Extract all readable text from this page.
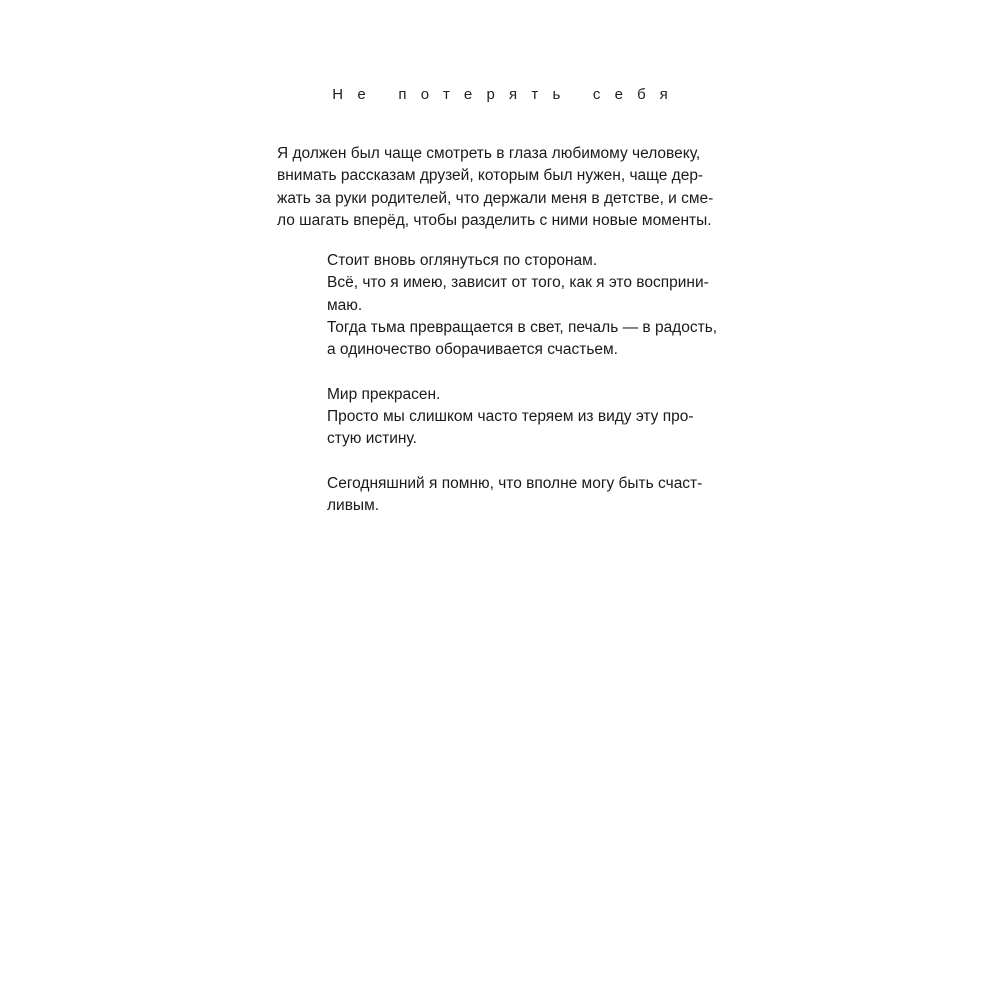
Не потерять себя
Я должен был чаще смотреть в глаза любимому человеку,
внимать рассказам друзей, которым был нужен, чаще дер-
жать за руки родителей, что держали меня в детстве, и сме-
ло шагать вперёд, чтобы разделить с ними новые моменты.
Стоит вновь оглянуться по сторонам.
Всё, что я имею, зависит от того, как я это восприни-
маю.
Тогда тьма превращается в свет, печаль — в радость,
а одиночество оборачивается счастьем.
Мир прекрасен.
Просто мы слишком часто теряем из виду эту про-
стую истину.
Сегодняшний я помню, что вполне могу быть счаст-
ливым.
